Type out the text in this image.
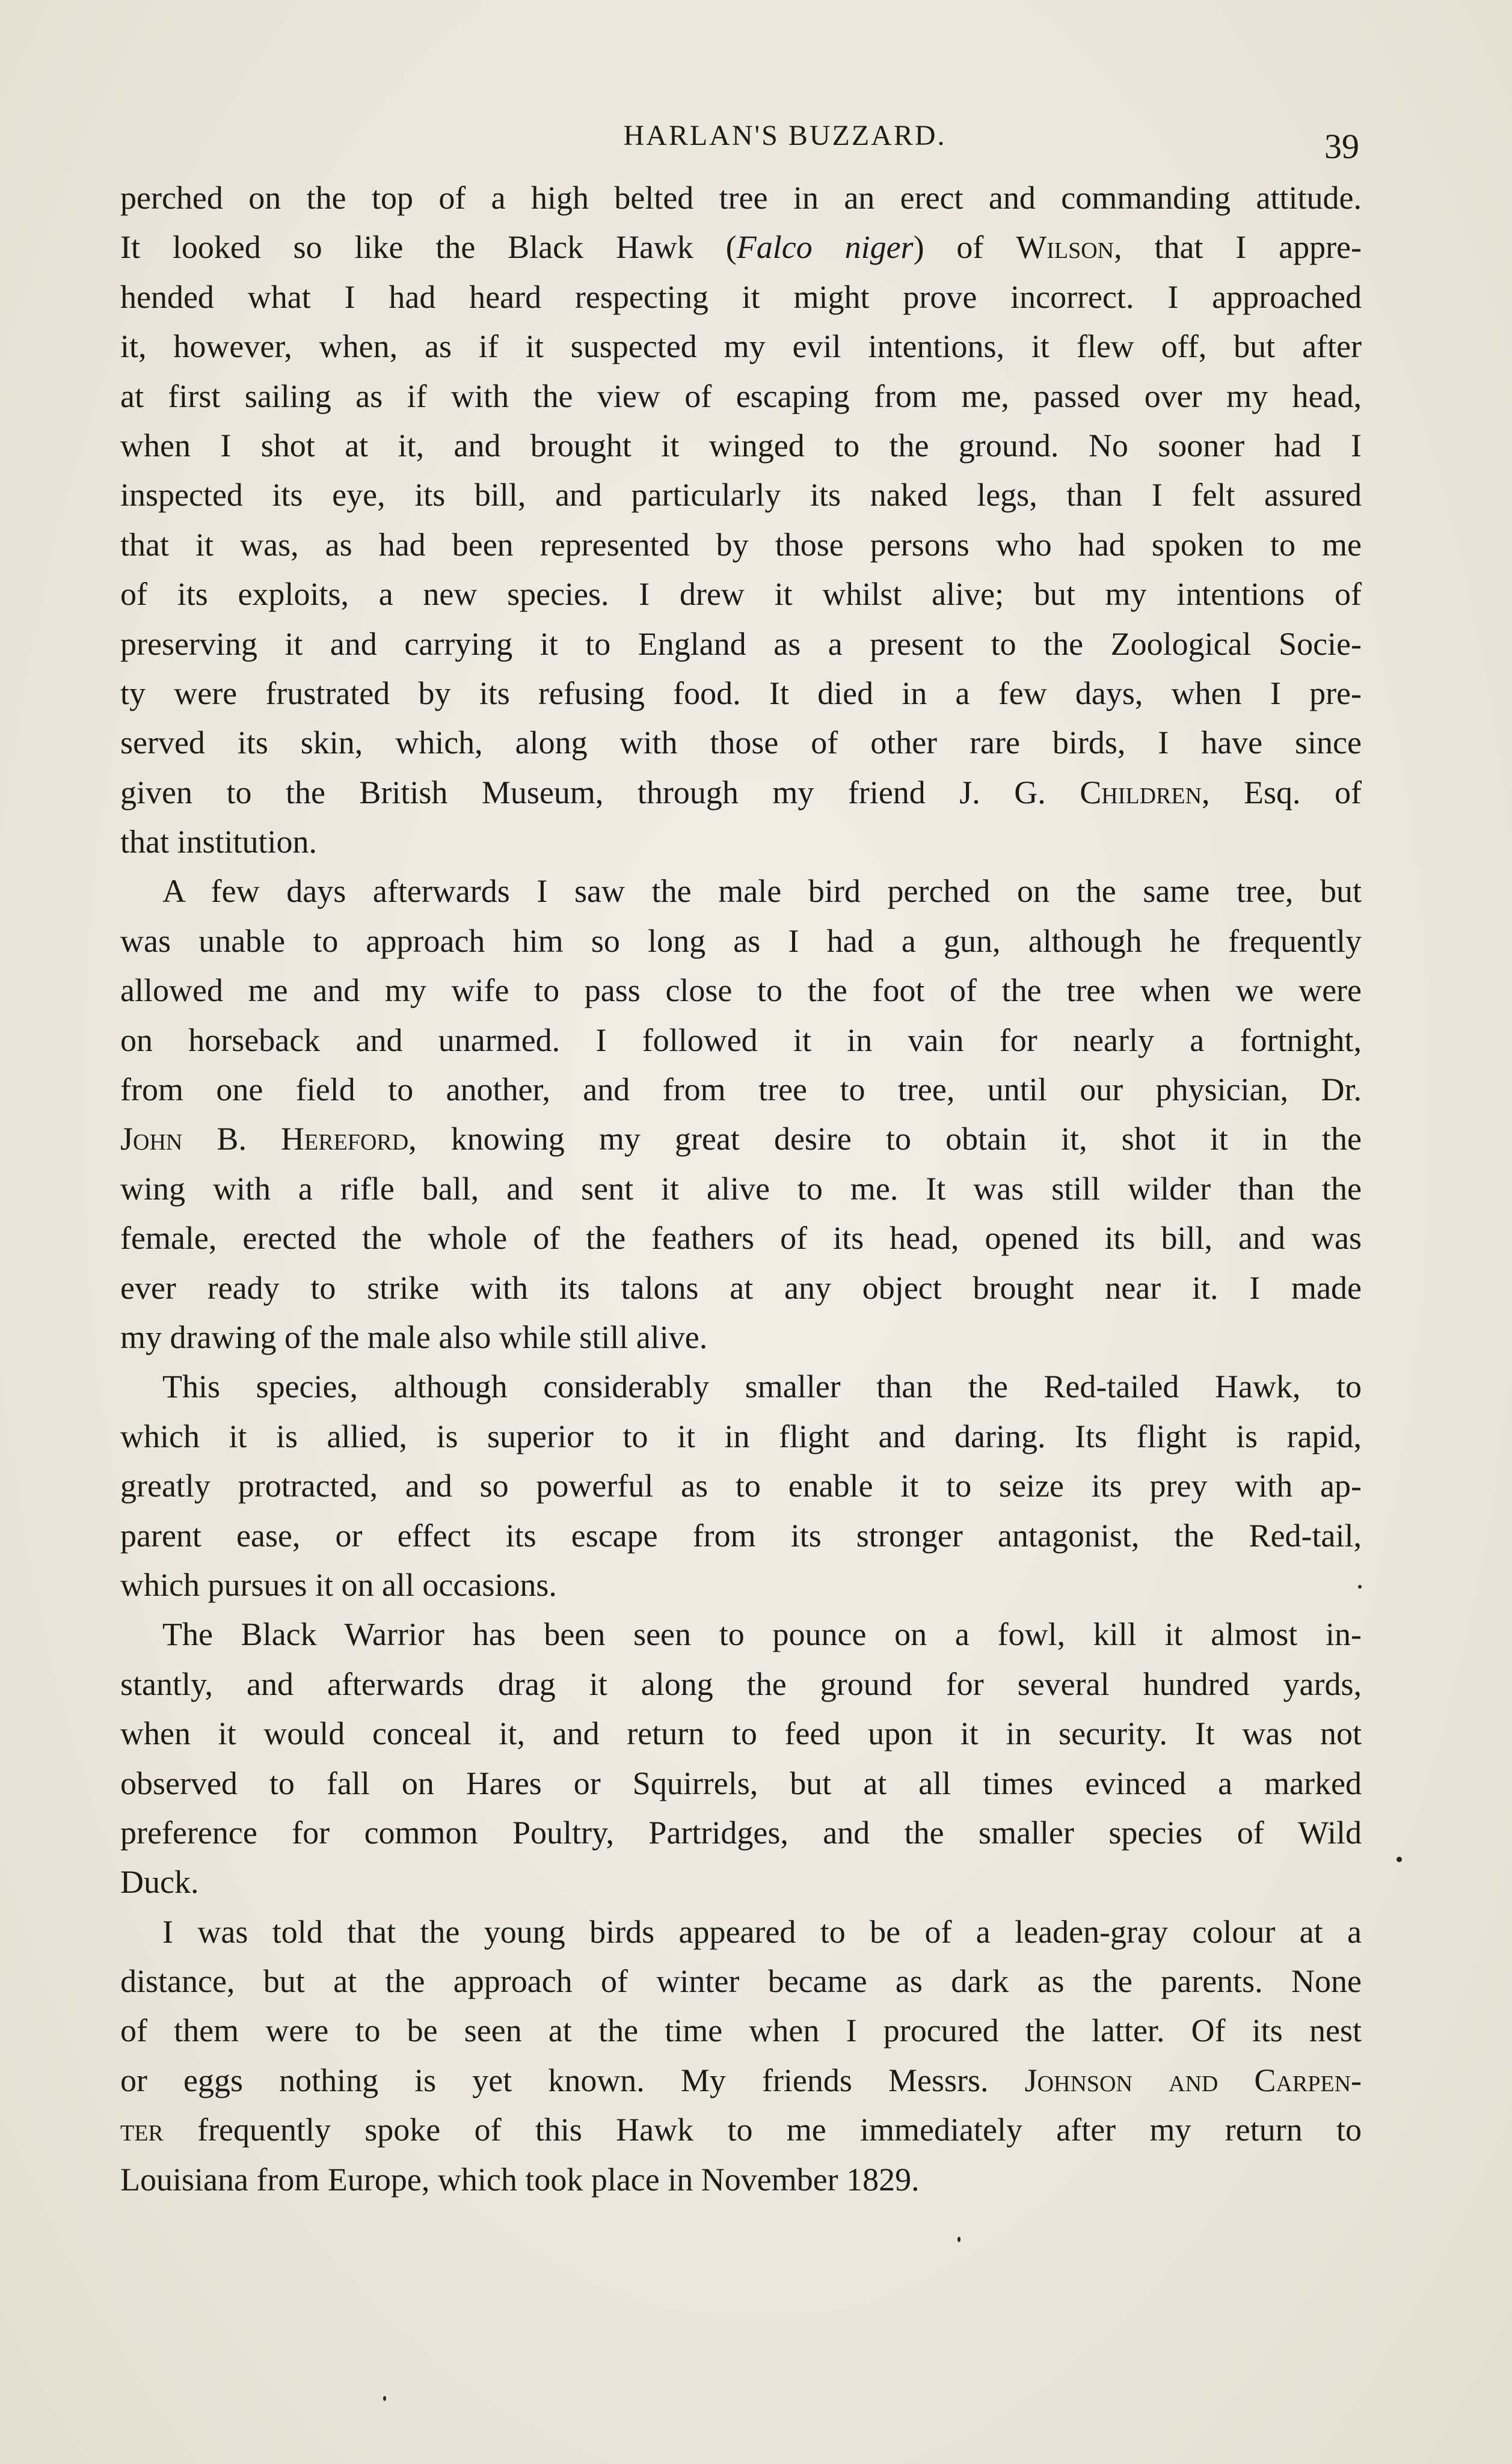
HARLAN'S BUZZARD.	39
perched on the top of a high belted tree in an erect and commanding attitude.
It looked so like the Black Hawk (Falco niger) of Wilson, that I appre-
hended what I had heard respecting it might prove incorrect. I approached
it, however, when, as if it suspected my evil intentions, it flew off, but after
at first sailing as if with the view of escaping from me, passed over my head,
when I shot at it, and brought it winged to the ground. No sooner had I
inspected its eye, its bill, and particularly its naked legs, than I felt assured
that it was, as had been represented by those persons who had spoken to me
of its exploits, a new species. I drew it whilst alive; but my intentions of
preserving it and carrying it to England as a present to the Zoological Socie-
ty were frustrated by its refusing food. It died in a few days, when I pre-
served its skin, which, along with those of other rare birds, I have since
given to the British Museum, through my friend J. G. Children, Esq. of
that institution.
A few days afterwards I saw the male bird perched on the same tree, but
was unable to approach him so long as I had a gun, although he frequently
allowed me and my wife to pass close to the foot of the tree when we were
on horseback and unarmed. I followed it in vain for nearly a fortnight,
from one field to another, and from tree to tree, until our physician, Dr.
John B. Hereford, knowing my great desire to obtain it, shot it in the
wing with a rifle ball, and sent it alive to me. It was still wilder than the
female, erected the whole of the feathers of its head, opened its bill, and was
ever ready to strike with its talons at any object brought near it. I made
my drawing of the male also while still alive.
This species, although considerably smaller than the Red-tailed Hawk, to
which it is allied, is superior to it in flight and daring. Its flight is rapid,
greatly protracted, and so powerful as to enable it to seize its prey with ap-
parent ease, or effect its escape from its stronger antagonist, the Red-tail,
which pursues it on all occasions.
The Black Warrior has been seen to pounce on a fowl, kill it almost in-
stantly, and afterwards drag it along the ground for several hundred yards,
when it would conceal it, and return to feed upon it in security. It was not
observed to fall on Hares or Squirrels, but at all times evinced a marked
preference for common Poultry, Partridges, and the smaller species of Wild
Duck.
I was told that the young birds appeared to be of a leaden-gray colour at a
distance, but at the approach of winter became as dark as the parents. None
of them were to be seen at the time when I procured the latter. Of its nest
or eggs nothing is yet known. My friends Messrs. Johnson and Carpen-
ter frequently spoke of this Hawk to me immediately after my return to
Louisiana from Europe, which took place in November 1829.
